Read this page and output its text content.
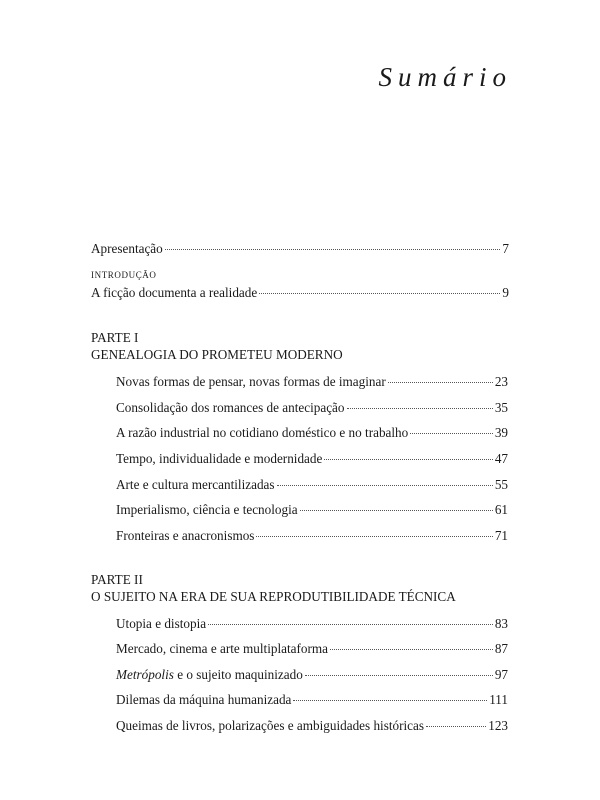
Sumário
Apresentação	7
INTRODUÇÃO
A ficção documenta a realidade	9
PARTE I
GENEALOGIA DO PROMETEU MODERNO
Novas formas de pensar, novas formas de imaginar	23
Consolidação dos romances de antecipação	35
A razão industrial no cotidiano doméstico e no trabalho	39
Tempo, individualidade e modernidade	47
Arte e cultura mercantilizadas	55
Imperialismo, ciência e tecnologia	61
Fronteiras e anacronismos	71
PARTE II
O SUJEITO NA ERA DE SUA REPRODUTIBILIDADE TÉCNICA
Utopia e distopia	83
Mercado, cinema e arte multiplataforma	87
Metrópolis e o sujeito maquinizado	97
Dilemas da máquina humanizada	111
Queimas de livros, polarizações e ambiguidades históricas	123
